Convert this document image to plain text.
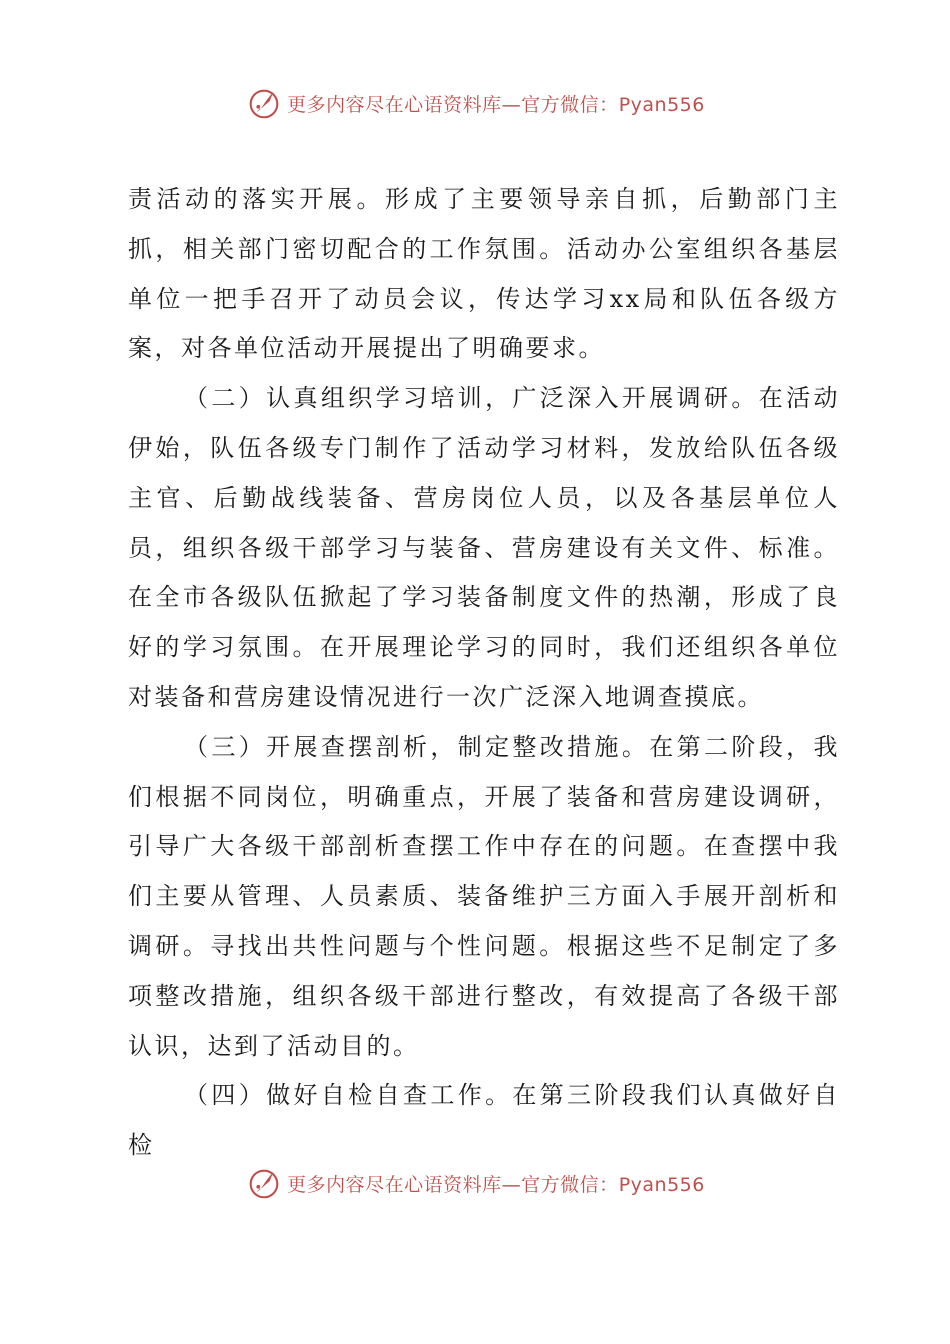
更多内容尽在心语资料库—官方微信：Pyan556

责活动的落实开展。形成了主要领导亲自抓，后勤部门主抓，相关部门密切配合的工作氛围。活动办公室组织各基层单位一把手召开了动员会议，传达学习xx局和队伍各级方案，对各单位活动开展提出了明确要求。

（二）认真组织学习培训，广泛深入开展调研。在活动伊始，队伍各级专门制作了活动学习材料，发放给队伍各级主官、后勤战线装备、营房岗位人员，以及各基层单位人员，组织各级干部学习与装备、营房建设有关文件、标准。在全市各级队伍掀起了学习装备制度文件的热潮，形成了良好的学习氛围。在开展理论学习的同时，我们还组织各单位对装备和营房建设情况进行一次广泛深入地调查摸底。

（三）开展查摆剖析，制定整改措施。在第二阶段，我们根据不同岗位，明确重点，开展了装备和营房建设调研，引导广大各级干部剖析查摆工作中存在的问题。在查摆中我们主要从管理、人员素质、装备维护三方面入手展开剖析和调研。寻找出共性问题与个性问题。根据这些不足制定了多项整改措施，组织各级干部进行整改，有效提高了各级干部认识，达到了活动目的。

（四）做好自检自查工作。在第三阶段我们认真做好自检

更多内容尽在心语资料库—官方微信：Pyan556
